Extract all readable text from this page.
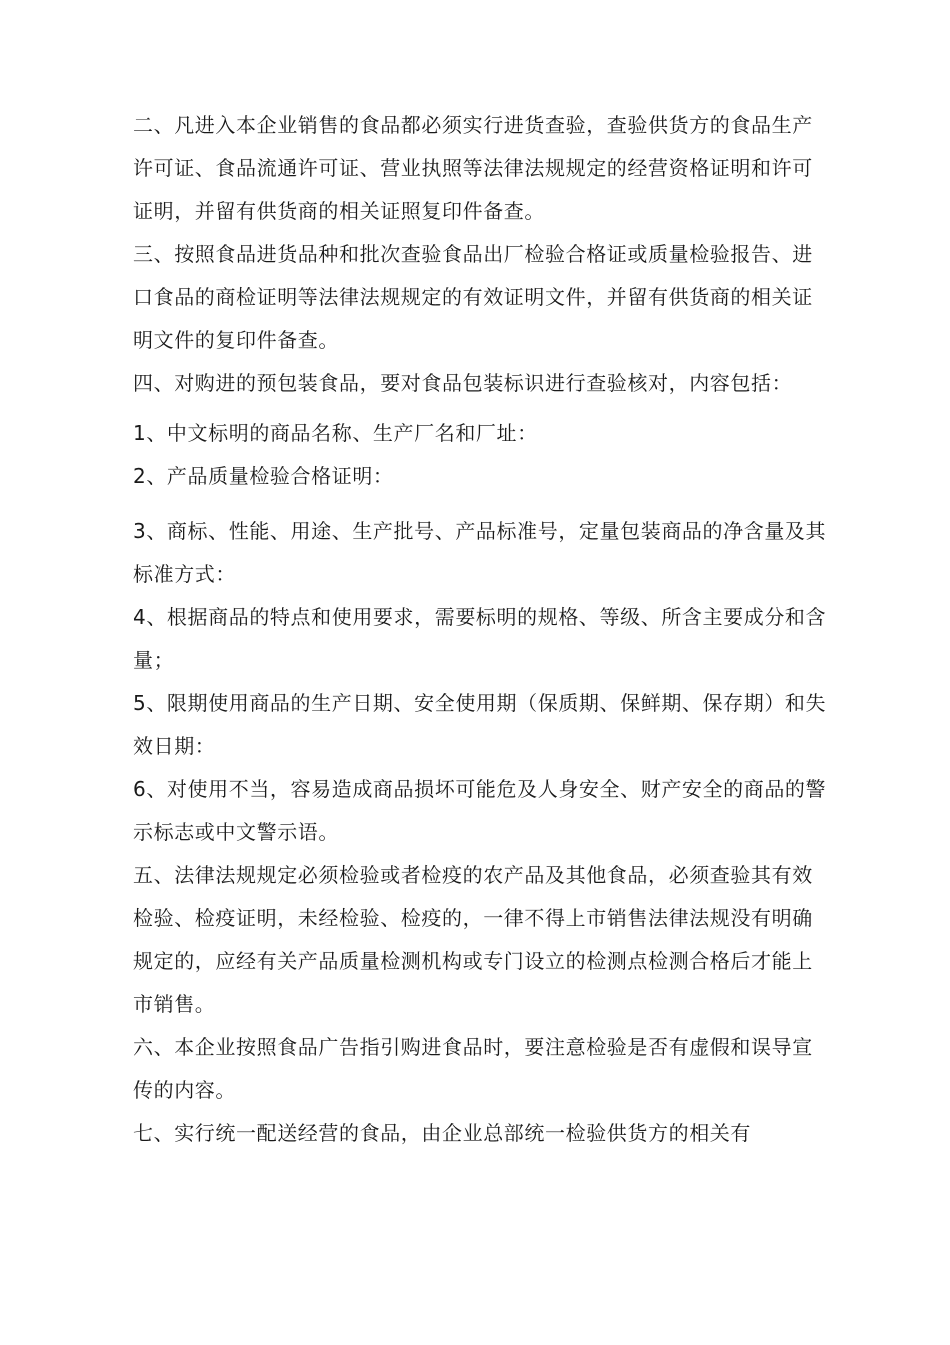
二、凡进入本企业销售的食品都必须实行进货查验，查验供货方的食品生产许可证、食品流通许可证、营业执照等法律法规规定的经营资格证明和许可证明，并留有供货商的相关证照复印件备查。

三、按照食品进货品种和批次查验食品出厂检验合格证或质量检验报告、进口食品的商检证明等法律法规规定的有效证明文件，并留有供货商的相关证明文件的复印件备查。

四、对购进的预包装食品，要对食品包装标识进行查验核对，内容包括：

1、中文标明的商品名称、生产厂名和厂址：

2、产品质量检验合格证明：

3、商标、性能、用途、生产批号、产品标准号，定量包装商品的净含量及其标准方式：

4、根据商品的特点和使用要求，需要标明的规格、等级、所含主要成分和含量；

5、限期使用商品的生产日期、安全使用期（保质期、保鲜期、保存期）和失效日期：

6、对使用不当，容易造成商品损坏可能危及人身安全、财产安全的商品的警示标志或中文警示语。

五、法律法规规定必须检验或者检疫的农产品及其他食品，必须查验其有效检验、检疫证明，未经检验、检疫的，一律不得上市销售法律法规没有明确规定的，应经有关产品质量检测机构或专门设立的检测点检测合格后才能上市销售。

六、本企业按照食品广告指引购进食品时，要注意检验是否有虚假和误导宣传的内容。

七、实行统一配送经营的食品，由企业总部统一检验供货方的相关有
